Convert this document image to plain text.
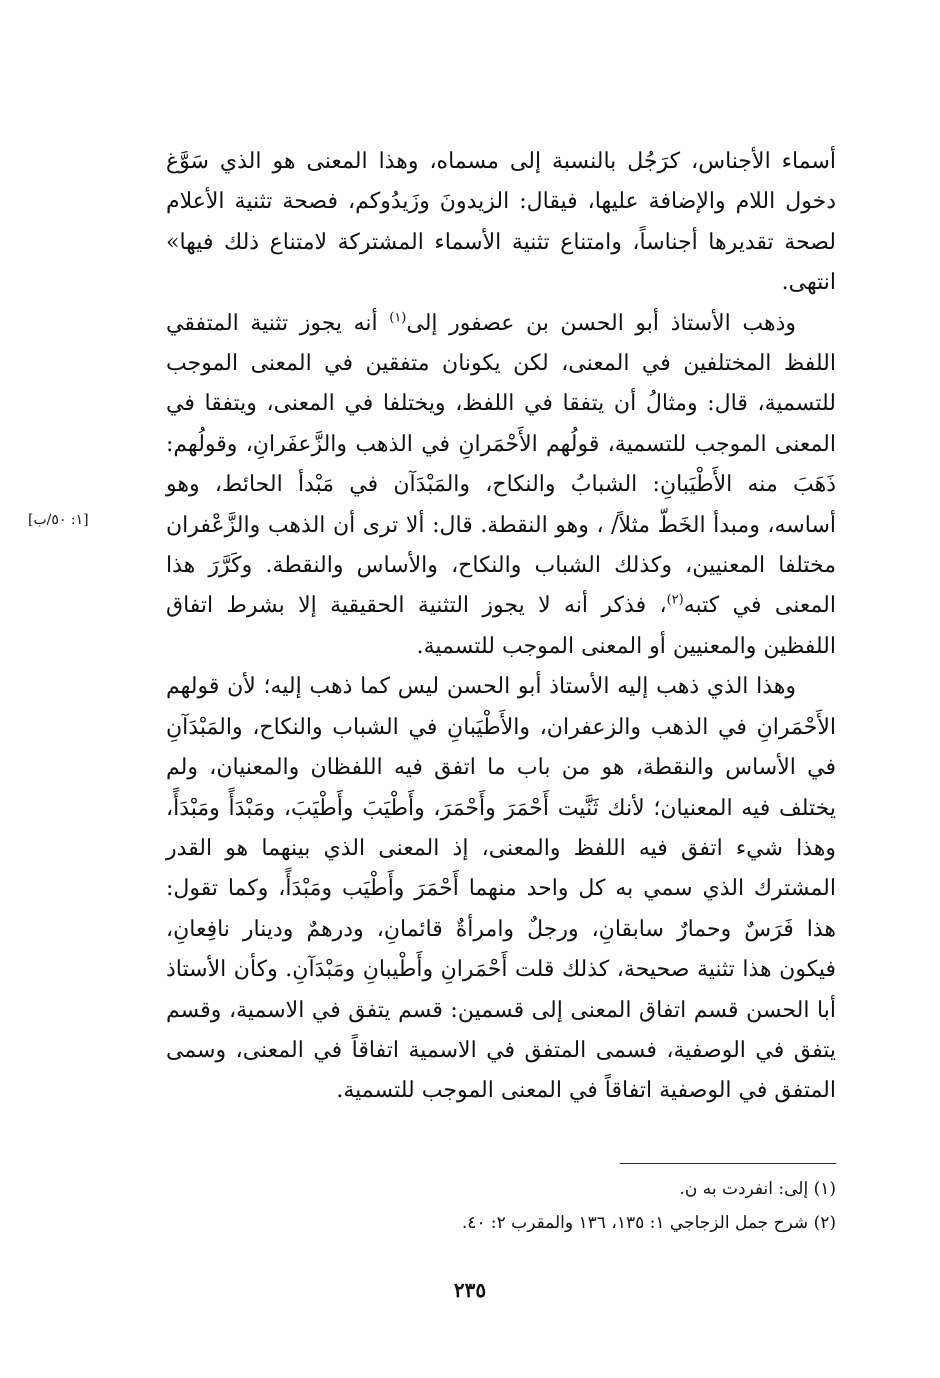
أسماء الأجناس، كرَجُل بالنسبة إلى مسماه، وهذا المعنى هو الذي سَوَّغ دخول اللام والإضافة عليها، فيقال: الزيدونَ وزَيدُوكم، فصحة تثنية الأعلام لصحة تقديرها أجناساً، وامتناع تثنية الأسماء المشتركة لامتناع ذلك فيها» انتهى.

وذهب الأستاذ أبو الحسن بن عصفور إلى$^{(١)}$ أنه يجوز تثنية المتفقي اللفظ المختلفين في المعنى، لكن يكونان متفقين في المعنى الموجب للتسمية، قال: ومثالُ أن يتفقا في اللفظ، ويختلفا في المعنى، ويتفقا في المعنى الموجب للتسمية، قولُهم الأَحْمَرانِ في الذهب والزَّعفَرانِ، وقولُهم: ذَهَبَ منه الأَطْيَبانِ: الشبابُ والنكاح، والمَبْدَآن في مَبْدأ الحائط، وهو أساسه، ومبدأ الخَطّ مثلاً/ ، وهو النقطة. قال: ألا ترى أن الذهب والزَّعْفران مختلفا المعنيين، وكذلك الشباب والنكاح، والأساس والنقطة. وكَرَّرَ هذا المعنى في كتبه$^{(٢)}$، فذكر أنه لا يجوز التثنية الحقيقية إلا بشرط اتفاق اللفظين والمعنيين أو المعنى الموجب للتسمية.

وهذا الذي ذهب إليه الأستاذ أبو الحسن ليس كما ذهب إليه؛ لأن قولهم الأَحْمَرانِ في الذهب والزعفران، والأَطْيَبانِ في الشباب والنكاح، والمَبْدَآنِ في الأساس والنقطة، هو من باب ما اتفق فيه اللفظان والمعنيان، ولم يختلف فيه المعنيان؛ لأنك ثَنَّيت أَحْمَرَ وأَحْمَرَ، وأَطْيَبَ وأَطْيَبَ، ومَبْدَأً ومَبْدَأً، وهذا شيء اتفق فيه اللفظ والمعنى، إذ المعنى الذي بينهما هو القدر المشترك الذي سمي به كل واحد منهما أَحْمَرَ وأَطْيَب ومَبْدَأً، وكما تقول: هذا فَرَسٌ وحمارٌ سابقانِ، ورجلٌ وامرأةٌ قائمانِ، ودرهمٌ ودينار نافِعانِ، فيكون هذا تثنية صحيحة، كذلك قلت أَحْمَرانِ وأَطْيبانِ ومَبْدَآنِ. وكأن الأستاذ أبا الحسن قسم اتفاق المعنى إلى قسمين: قسم يتفق في الاسمية، وقسم يتفق في الوصفية، فسمى المتفق في الاسمية اتفاقاً في المعنى، وسمى المتفق في الوصفية اتفاقاً في المعنى الموجب للتسمية.

[١: ٥٠/ب]

(١) إلى: انفردت به ن.

(٢) شرح جمل الزجاجي ١: ١٣٥، ١٣٦ والمقرب ٢: ٤٠.

٢٣٥
